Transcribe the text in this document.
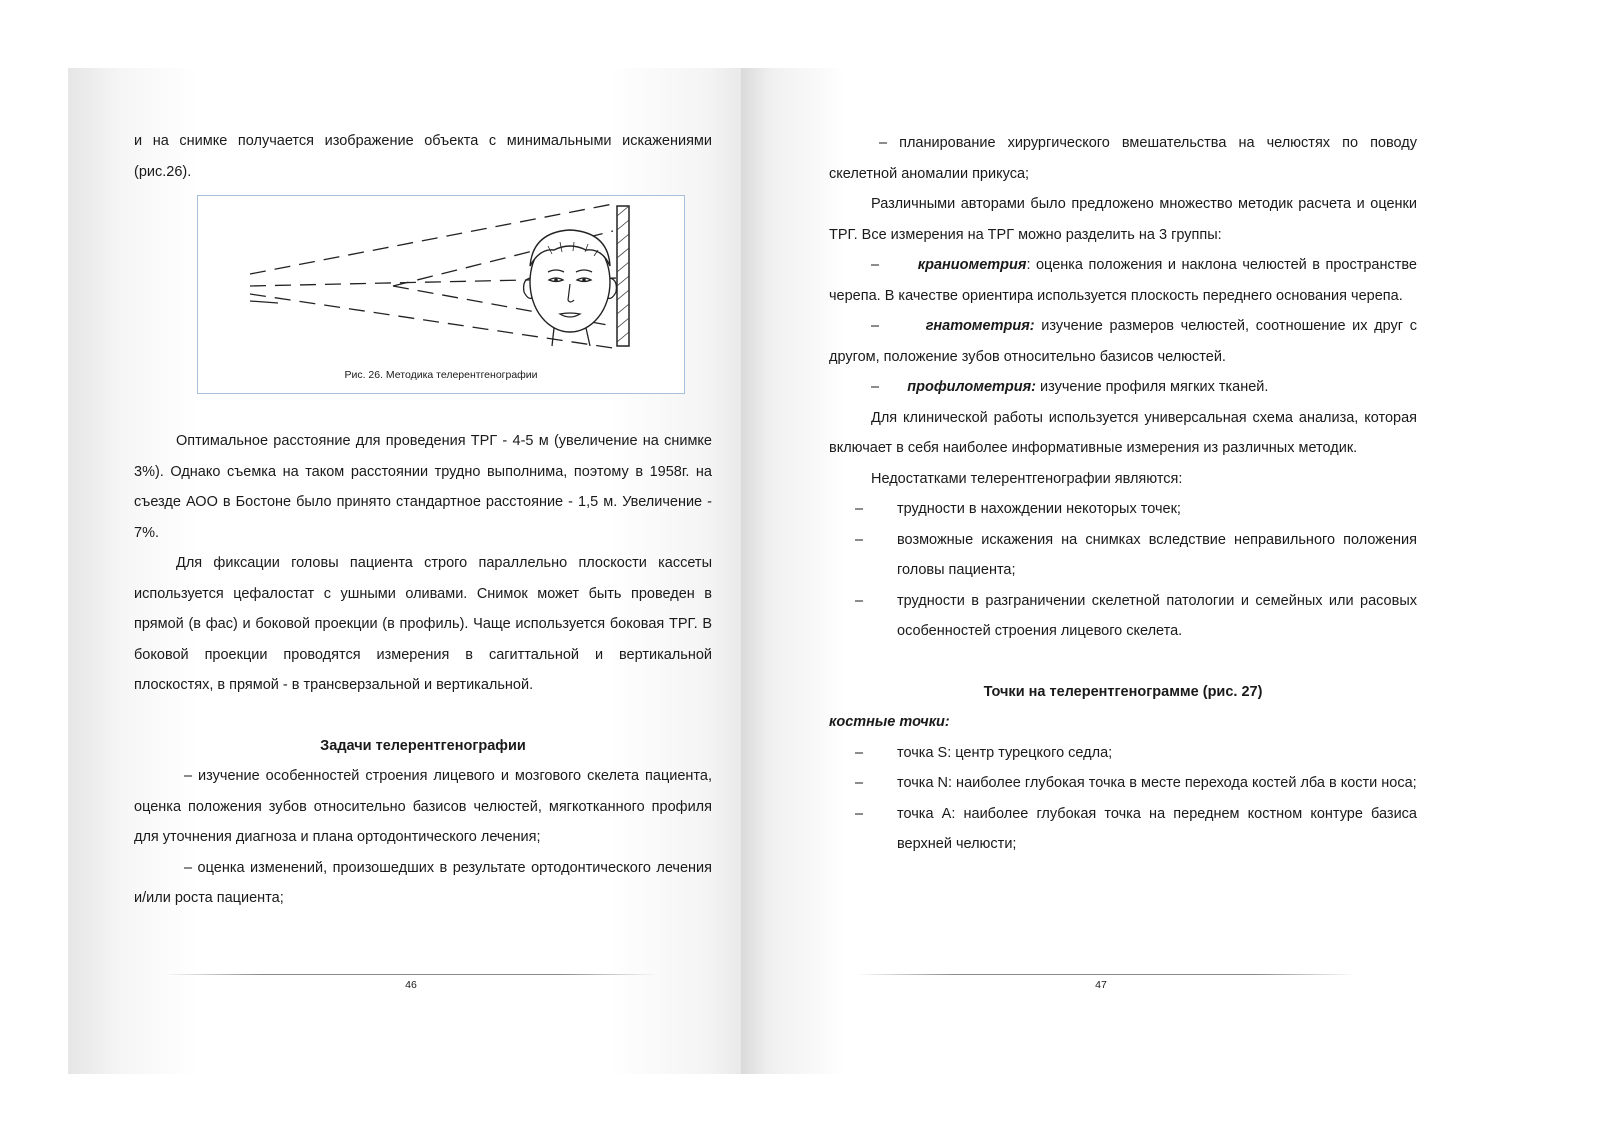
и на снимке получается изображение объекта с минимальными искажениями (рис.26).

Рис. 26. Методика телерентгенографии

Оптимальное расстояние для проведения ТРГ - 4-5 м (увеличение на снимке 3%). Однако съемка на таком расстоянии трудно выполнима, поэтому в 1958г. на съезде АОО в Бостоне было принято стандартное расстояние - 1,5 м. Увеличение - 7%.

Для фиксации головы пациента строго параллельно плоскости кассеты используется цефалостат с ушными оливами. Снимок может быть проведен в прямой (в фас) и боковой проекции (в профиль). Чаще используется боковая ТРГ. В боковой проекции проводятся измерения в сагиттальной и вертикальной плоскостях, в прямой - в трансверзальной и вертикальной.

Задачи телерентгенографии

– изучение особенностей строения лицевого и мозгового скелета пациента, оценка положения зубов относительно базисов челюстей, мягкотканного профиля для уточнения диагноза и плана ортодонтического лечения;

– оценка изменений, произошедших в результате ортодонтического лечения и/или роста пациента;

46

– планирование хирургического вмешательства на челюстях по поводу скелетной аномалии прикуса;

Различными авторами было предложено множество методик расчета и оценки ТРГ. Все измерения на ТРГ можно разделить на 3 группы:

–	краниометрия: оценка положения и наклона челюстей в пространстве черепа. В качестве ориентира используется плоскость переднего основания черепа.

–	гнатометрия: изучение размеров челюстей, соотношение их друг с другом, положение зубов относительно базисов челюстей.

– профилометрия: изучение профиля мягких тканей.

Для клинической работы используется универсальная схема анализа, которая включает в себя наиболее информативные измерения из различных методик.

Недостатками телерентгенографии являются:

–	трудности в нахождении некоторых точек;
–	возможные искажения на снимках вследствие неправильного положения головы пациента;
–	трудности в разграничении скелетной патологии и семейных или расовых особенностей строения лицевого скелета.

Точки на телерентгенограмме (рис. 27)

костные точки:

–	точка S: центр турецкого седла;
–	точка N: наиболее глубокая точка в месте перехода костей лба в кости носа;
–	точка А: наиболее глубокая точка на переднем костном контуре базиса верхней челюсти;
47
